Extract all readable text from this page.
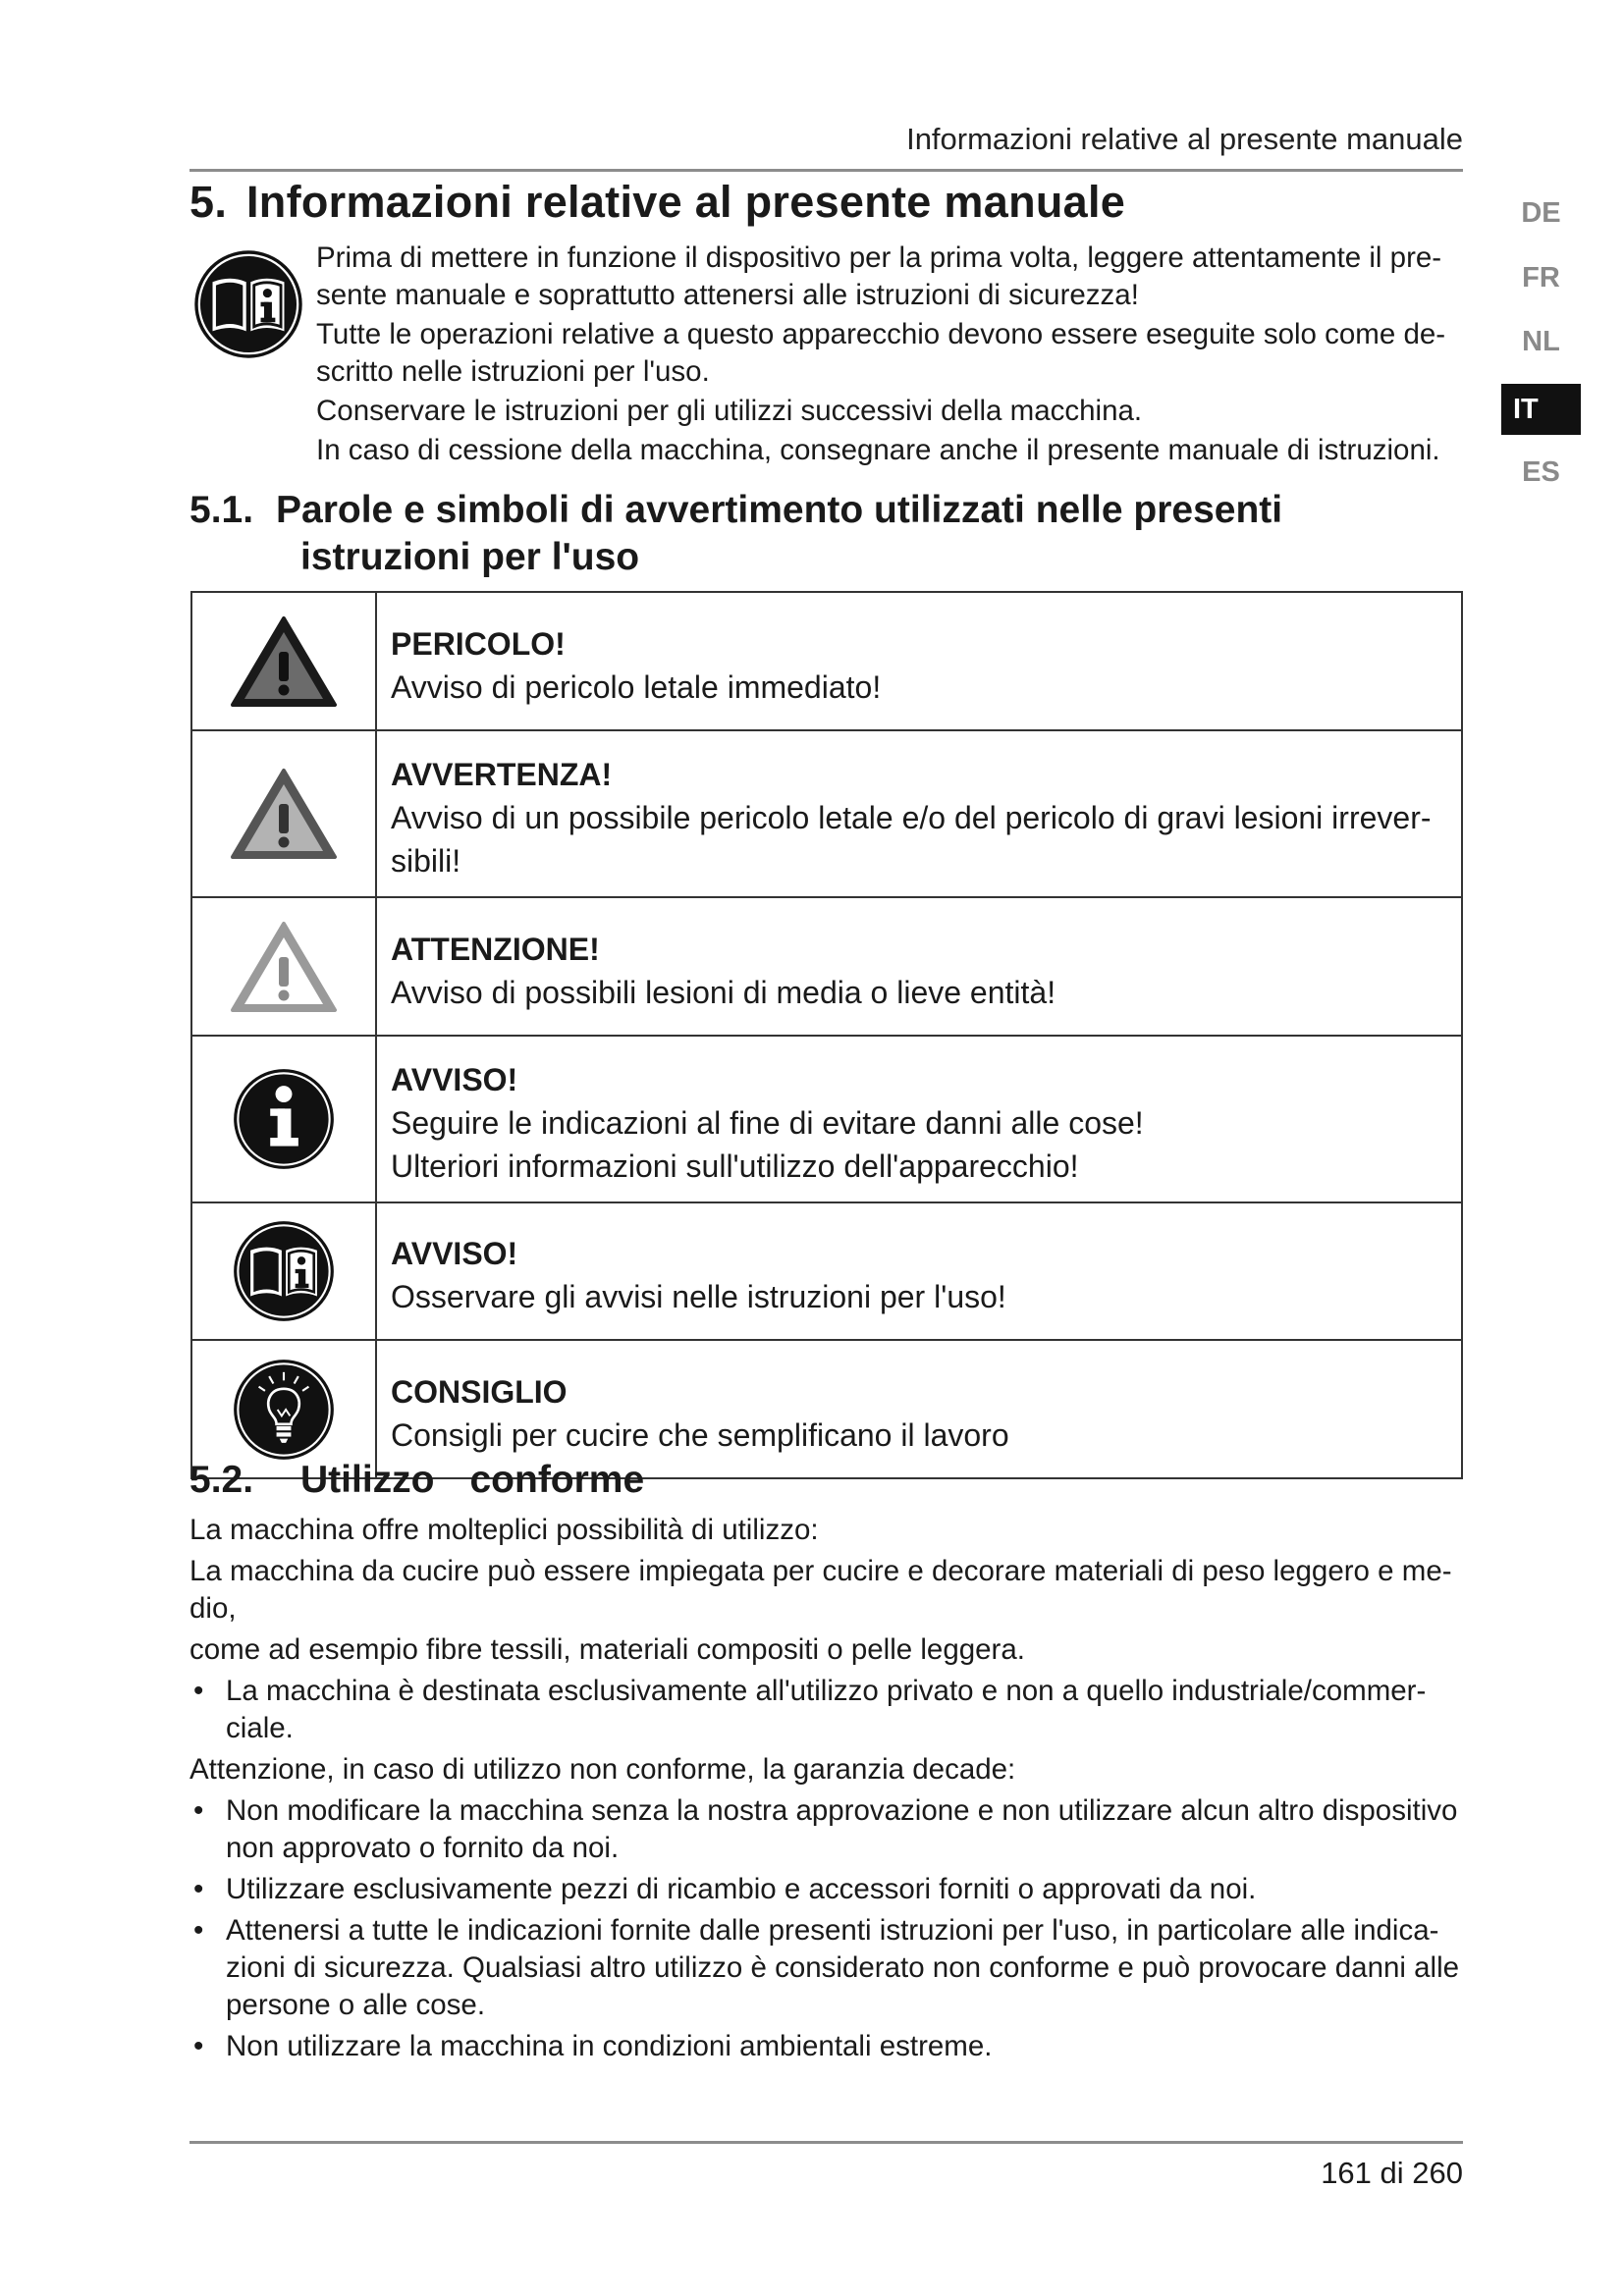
Informazioni relative al presente manuale
DE
FR
NL
IT
ES
5. Informazioni relative al presente manuale

Prima di mettere in funzione il dispositivo per la prima volta, leggere attentamente il pre- sente manuale e soprattutto attenersi alle istruzioni di sicurezza!

Tutte le operazioni relative a questo apparecchio devono essere eseguite solo come de- scritto nelle istruzioni per l'uso.

Conservare le istruzioni per gli utilizzi successivi della macchina.

In caso di cessione della macchina, consegnare anche il presente manuale di istruzioni.

5.1. Parole e simboli di avvertimento utilizzati nelle presenti
istruzioni per l'uso

PERICOLO!
Avviso di pericolo letale immediato!

AVVERTENZA!
Avviso di un possibile pericolo letale e/o del pericolo di gravi lesioni irrever- sibili!

ATTENZIONE!
Avviso di possibili lesioni di media o lieve entità!

AVVISO!
Seguire le indicazioni al fine di evitare danni alle cose!
Ulteriori informazioni sull'utilizzo dell'apparecchio!

AVVISO!
Osservare gli avvisi nelle istruzioni per l'uso!

CONSIGLIO
Consigli per cucire che semplificano il lavoro
5.2. Utilizzo conforme

La macchina offre molteplici possibilità di utilizzo:

La macchina da cucire può essere impiegata per cucire e decorare materiali di peso leggero e me- dio,

come ad esempio fibre tessili, materiali compositi o pelle leggera.

• La macchina è destinata esclusivamente all'utilizzo privato e non a quello industriale/commer- ciale.

Attenzione, in caso di utilizzo non conforme, la garanzia decade:

• Non modificare la macchina senza la nostra approvazione e non utilizzare alcun altro dispositivo non approvato o fornito da noi.
• Utilizzare esclusivamente pezzi di ricambio e accessori forniti o approvati da noi.
• Attenersi a tutte le indicazioni fornite dalle presenti istruzioni per l'uso, in particolare alle indica- zioni di sicurezza. Qualsiasi altro utilizzo è considerato non conforme e può provocare danni alle persone o alle cose.
• Non utilizzare la macchina in condizioni ambientali estreme.
161 di 260
